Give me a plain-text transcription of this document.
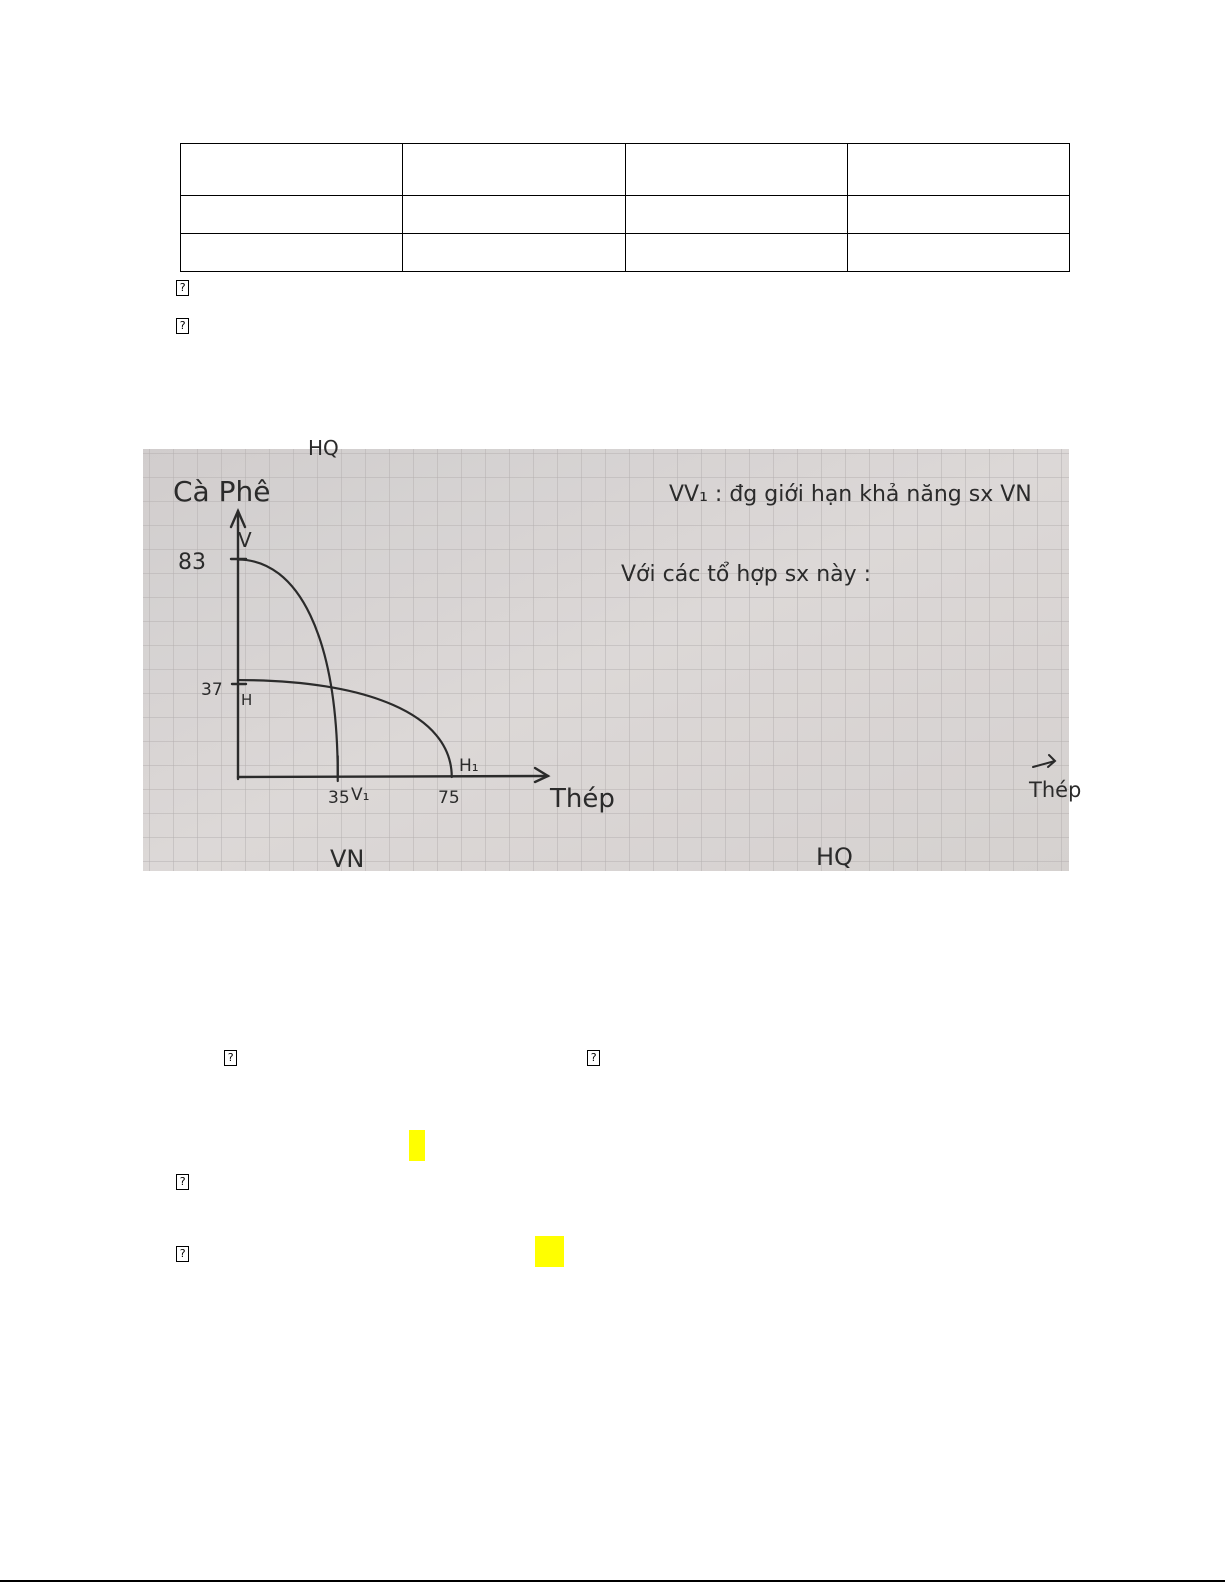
?
?
HQ
Cà Phê
83
37
V
H
35 V₁	75
H₁
Thép
VN	HQ
VV₁ : đg giới hạn khả năng sx VN
Với các tổ hợp sx này :
Thép
?	?
?
?
